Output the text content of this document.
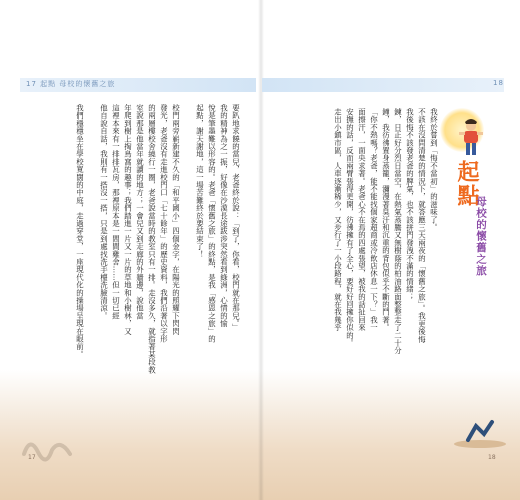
17 起點 母校的懷舊之旅	18
起點
母校的懷舊之旅
我終於嘗到「悔不當初」的滋味了。
不該在沒問清楚的情況下，就答應三天兩夜的「懷舊之旅」。我更後悔
我後悔不該發老爸的脾氣，也不該拼門發洩不滿的情緒；
鍊，日正好分烈日當空，在熱氣蒸騰又無樹蔭的柏油路面整整走了二十分
鐘，我彷彿置身蒸籠，瀰漫著臭汗和沉重的背包似乎不斷的鬥著。
「你不熱嗎？老爸，能不能找個家超商或冷飲店休息一下？」我一
面擦汗，一面央求著。老爸心不在焉的四處張望，被我的話扯回來
安撫的話，反而兩臂張得更開，彷彿擁有了全心，要好好回擁你似的。
走出小鎮市區，人車逐漸稀少，又步行了一小段路程，就在我幾乎
要趴地求饒的當兒，老爸終於說：「到了，你看，校門就在那兒。」
我的精神為之一振，好像在沙漠長途跋涉突然看到綠洲，心情的愉
悅是筆墨難以形容的。老爸「懷舊之旅」的終點，是我「感恩之旅」的
起點，謝天謝地，這一場苦難終於要結束了！
校門兩旁嶄新建不久的「和平國小」四個金字，在陽光的照耀下閃閃
發光，老爸沒有走進校門口「七十餘年」的歷史資料，我們沿著以字形
的兩層樓校舍繞行一圈，老爸說當時的教室只有一排。走沒多久，就指著某段教
室說那是他當年就讀的地方；一會兒又到走廊的外牆邊，說他當
年爬到樹上掏鳥窩的趣事；我們踏進一片又一片的草地和小樹林，又
這裡本來有一排排瓦房，那裡原本是一間間雞舍……但一切已經
他自說自話，我則有一搭沒一搭，只是到處找洗手檯洗臉清涼。
我們穩穩坐在學校寬闊的中庭，走過穿堂，一座現代化的操場呈現在眼前。
17	18
